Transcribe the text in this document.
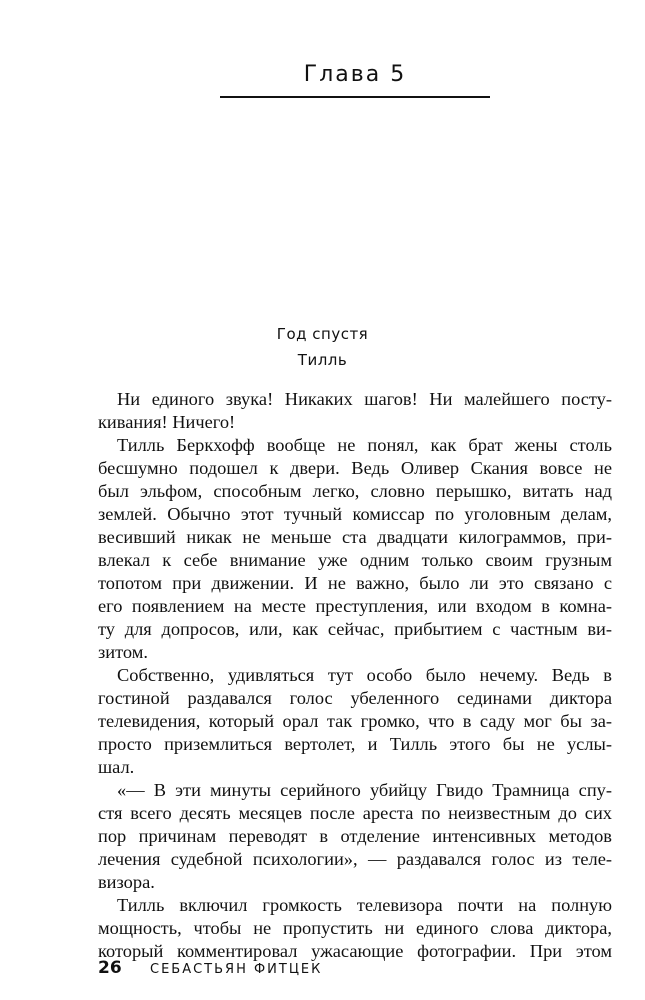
Глава 5
Год спустя
Тилль
Ни единого звука! Никаких шагов! Ни малейшего посту-
кивания! Ничего!
Тилль Беркхофф вообще не понял, как брат жены столь
бесшумно подошел к двери. Ведь Оливер Скания вовсе не
был эльфом, способным легко, словно перышко, витать над
землей. Обычно этот тучный комиссар по уголовным делам,
весивший никак не меньше ста двадцати килограммов, при-
влекал к себе внимание уже одним только своим грузным
топотом при движении. И не важно, было ли это связано с
его появлением на месте преступления, или входом в комна-
ту для допросов, или, как сейчас, прибытием с частным ви-
зитом.
Собственно, удивляться тут особо было нечему. Ведь в
гостиной раздавался голос убеленного сединами диктора
телевидения, который орал так громко, что в саду мог бы за-
просто приземлиться вертолет, и Тилль этого бы не услы-
шал.
«— В эти минуты серийного убийцу Гвидо Трамница спу-
стя всего десять месяцев после ареста по неизвестным до сих
пор причинам переводят в отделение интенсивных методов
лечения судебной психологии», — раздавался голос из теле-
визора.
Тилль включил громкость телевизора почти на полную
мощность, чтобы не пропустить ни единого слова диктора,
который комментировал ужасающие фотографии. При этом
26 СЕБАСТЬЯН ФИТЦЕК
